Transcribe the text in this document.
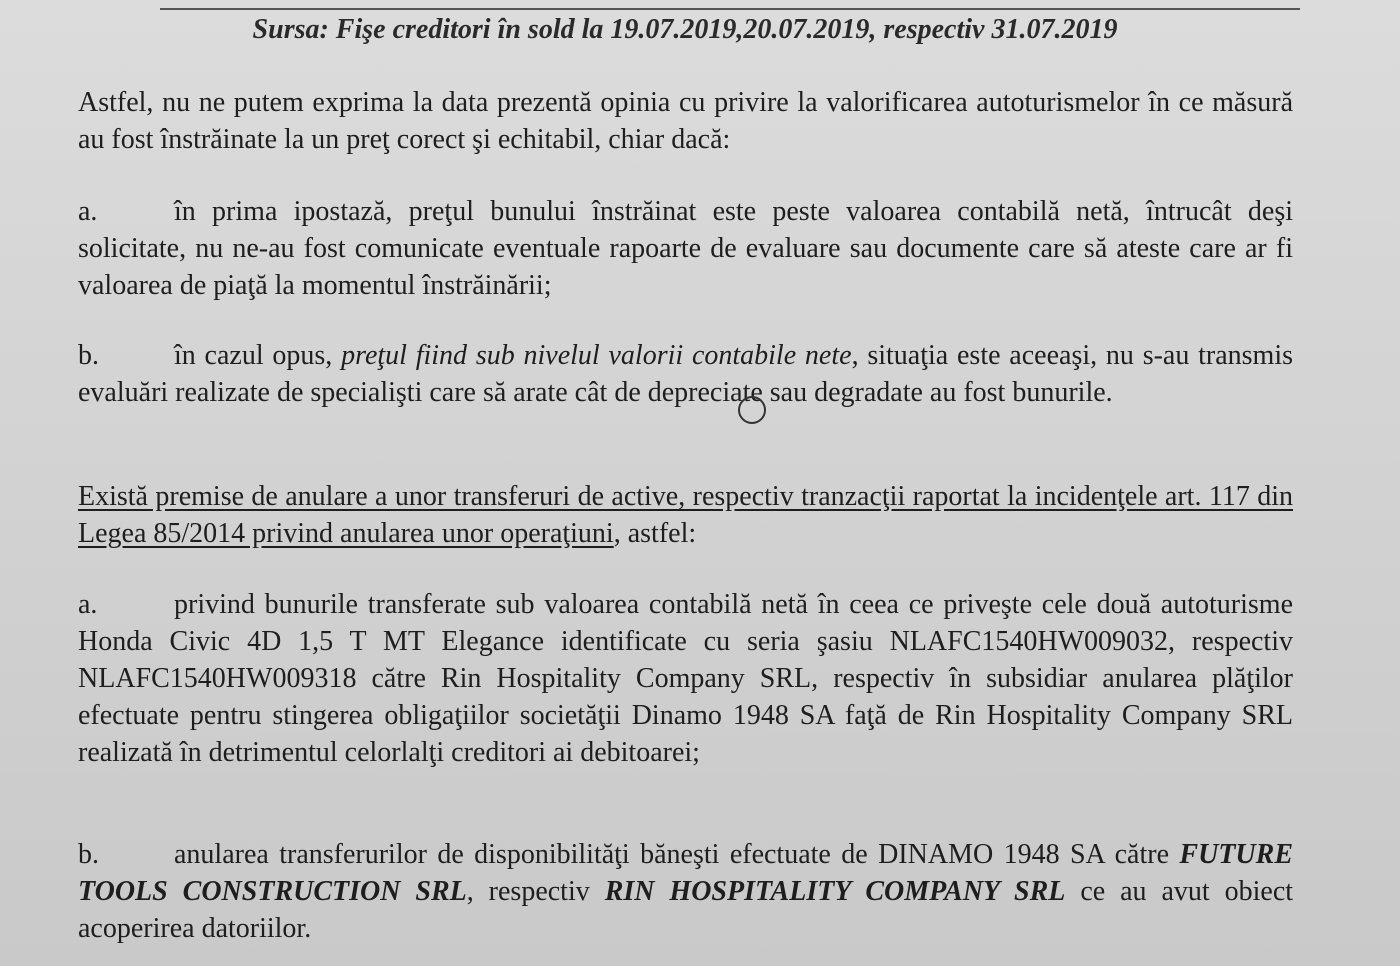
Sursa: Fişe creditori în sold la 19.07.2019,20.07.2019, respectiv 31.07.2019
Astfel, nu ne putem exprima la data prezentă opinia cu privire la valorificarea autoturismelor în ce măsură au fost înstrăinate la un preţ corect şi echitabil, chiar dacă:
a.	în prima ipostază, preţul bunului înstrăinat este peste valoarea contabilă netă, întrucât deşi solicitate, nu ne-au fost comunicate eventuale rapoarte de evaluare sau documente care să ateste care ar fi valoarea de piaţă la momentul înstrăinării;
b.	în cazul opus, preţul fiind sub nivelul valorii contabile nete, situaţia este aceeaşi, nu s-au transmis evaluări realizate de specialişti care să arate cât de depreciate sau degradate au fost bunurile.
Există premise de anulare a unor transferuri de active, respectiv tranzacţii raportat la incidenţele art. 117 din Legea 85/2014 privind anularea unor operaţiuni, astfel:
a.	privind bunurile transferate sub valoarea contabilă netă în ceea ce priveşte cele două autoturisme Honda Civic 4D 1,5 T MT Elegance identificate cu seria şasiu NLAFC1540HW009032, respectiv NLAFC1540HW009318 către Rin Hospitality Company SRL, respectiv în subsidiar anularea plăţilor efectuate pentru stingerea obligaţiilor societăţii Dinamo 1948 SA faţă de Rin Hospitality Company SRL realizată în detrimentul celorlalţi creditori ai debitoarei;
b.	anularea transferurilor de disponibilităţi băneşti efectuate de DINAMO 1948 SA către FUTURE TOOLS CONSTRUCTION SRL, respectiv RIN HOSPITALITY COMPANY SRL ce au avut obiect acoperirea datoriilor.
